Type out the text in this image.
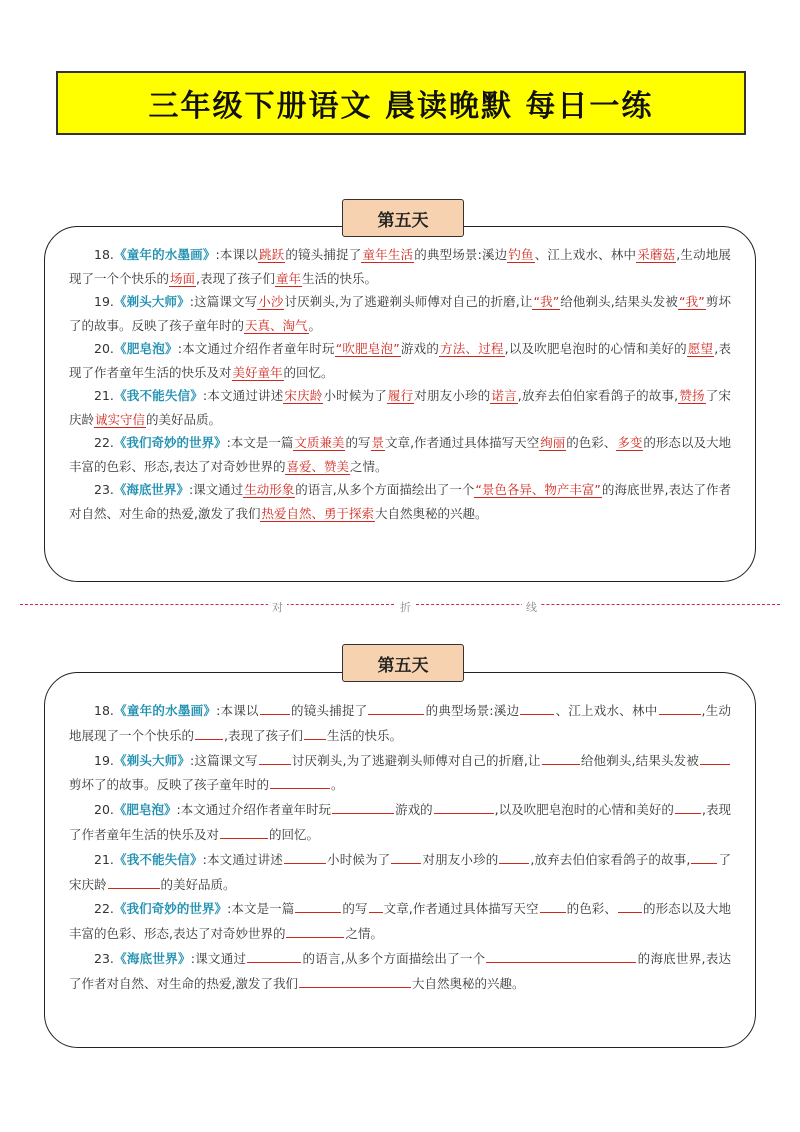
三年级下册语文 晨读晚默 每日一练
第五天

18.《童年的水墨画》:本课以跳跃的镜头捕捉了童年生活的典型场景:溪边钓鱼、江上戏水、林中采蘑菇,生动地展现了一个个快乐的场面,表现了孩子们童年生活的快乐。

19.《剃头大师》:这篇课文写小沙讨厌剃头,为了逃避剃头师傅对自己的折磨,让“我”给他剃头,结果头发被“我”剪坏了的故事。反映了孩子童年时的天真、淘气。

20.《肥皂泡》:本文通过介绍作者童年时玩“吹肥皂泡”游戏的方法、过程,以及吹肥皂泡时的心情和美好的愿望,表现了作者童年生活的快乐及对美好童年的回忆。

21.《我不能失信》:本文通过讲述宋庆龄小时候为了履行对朋友小珍的诺言,放弃去伯伯家看鸽子的故事,赞扬了宋庆龄诚实守信的美好品质。

22.《我们奇妙的世界》:本文是一篇文质兼美的写景文章,作者通过具体描写天空绚丽的色彩、多变的形态以及大地丰富的色彩、形态,表达了对奇妙世界的喜爱、赞美之情。

23.《海底世界》:课文通过生动形象的语言,从多个方面描绘出了一个“景色各异、物产丰富”的海底世界,表达了作者对自然、对生命的热爱,激发了我们热爱自然、勇于探索大自然奥秘的兴趣。

对	折	线
第五天

18.《童年的水墨画》:本课以	的镜头捕捉了	的典型场景:溪边	、江上戏水、林中	,生动地展现了一个个快乐的 ,表现了孩子们 生活的快乐。

19.《剃头大师》:这篇课文写	讨厌剃头,为了逃避剃头师傅对自己的折磨,让	给他剃头,结果头发被剪坏了的故事。反映了孩子童年时的	。

20.《肥皂泡》:本文通过介绍作者童年时玩	游戏的	,以及吹肥皂泡时的心情和美好的 ,表现了作者童年生活的快乐及对	的回忆。

21.《我不能失信》:本文通过讲述	小时候为了	对朋友小珍的	,放弃去伯伯家看鸽子的故事, 了宋庆龄	的美好品质。

22.《我们奇妙的世界》:本文是一篇	的写 文章,作者通过具体描写天空 的色彩、 的形态以及大地丰富的色彩、形态,表达了对奇妙世界的	之情。

23.《海底世界》:课文通过	的语言,从多个方面描绘出了一个	的海底世界,表达了作者对自然、对生命的热爱,激发了我们	大自然奥秘的兴趣。
